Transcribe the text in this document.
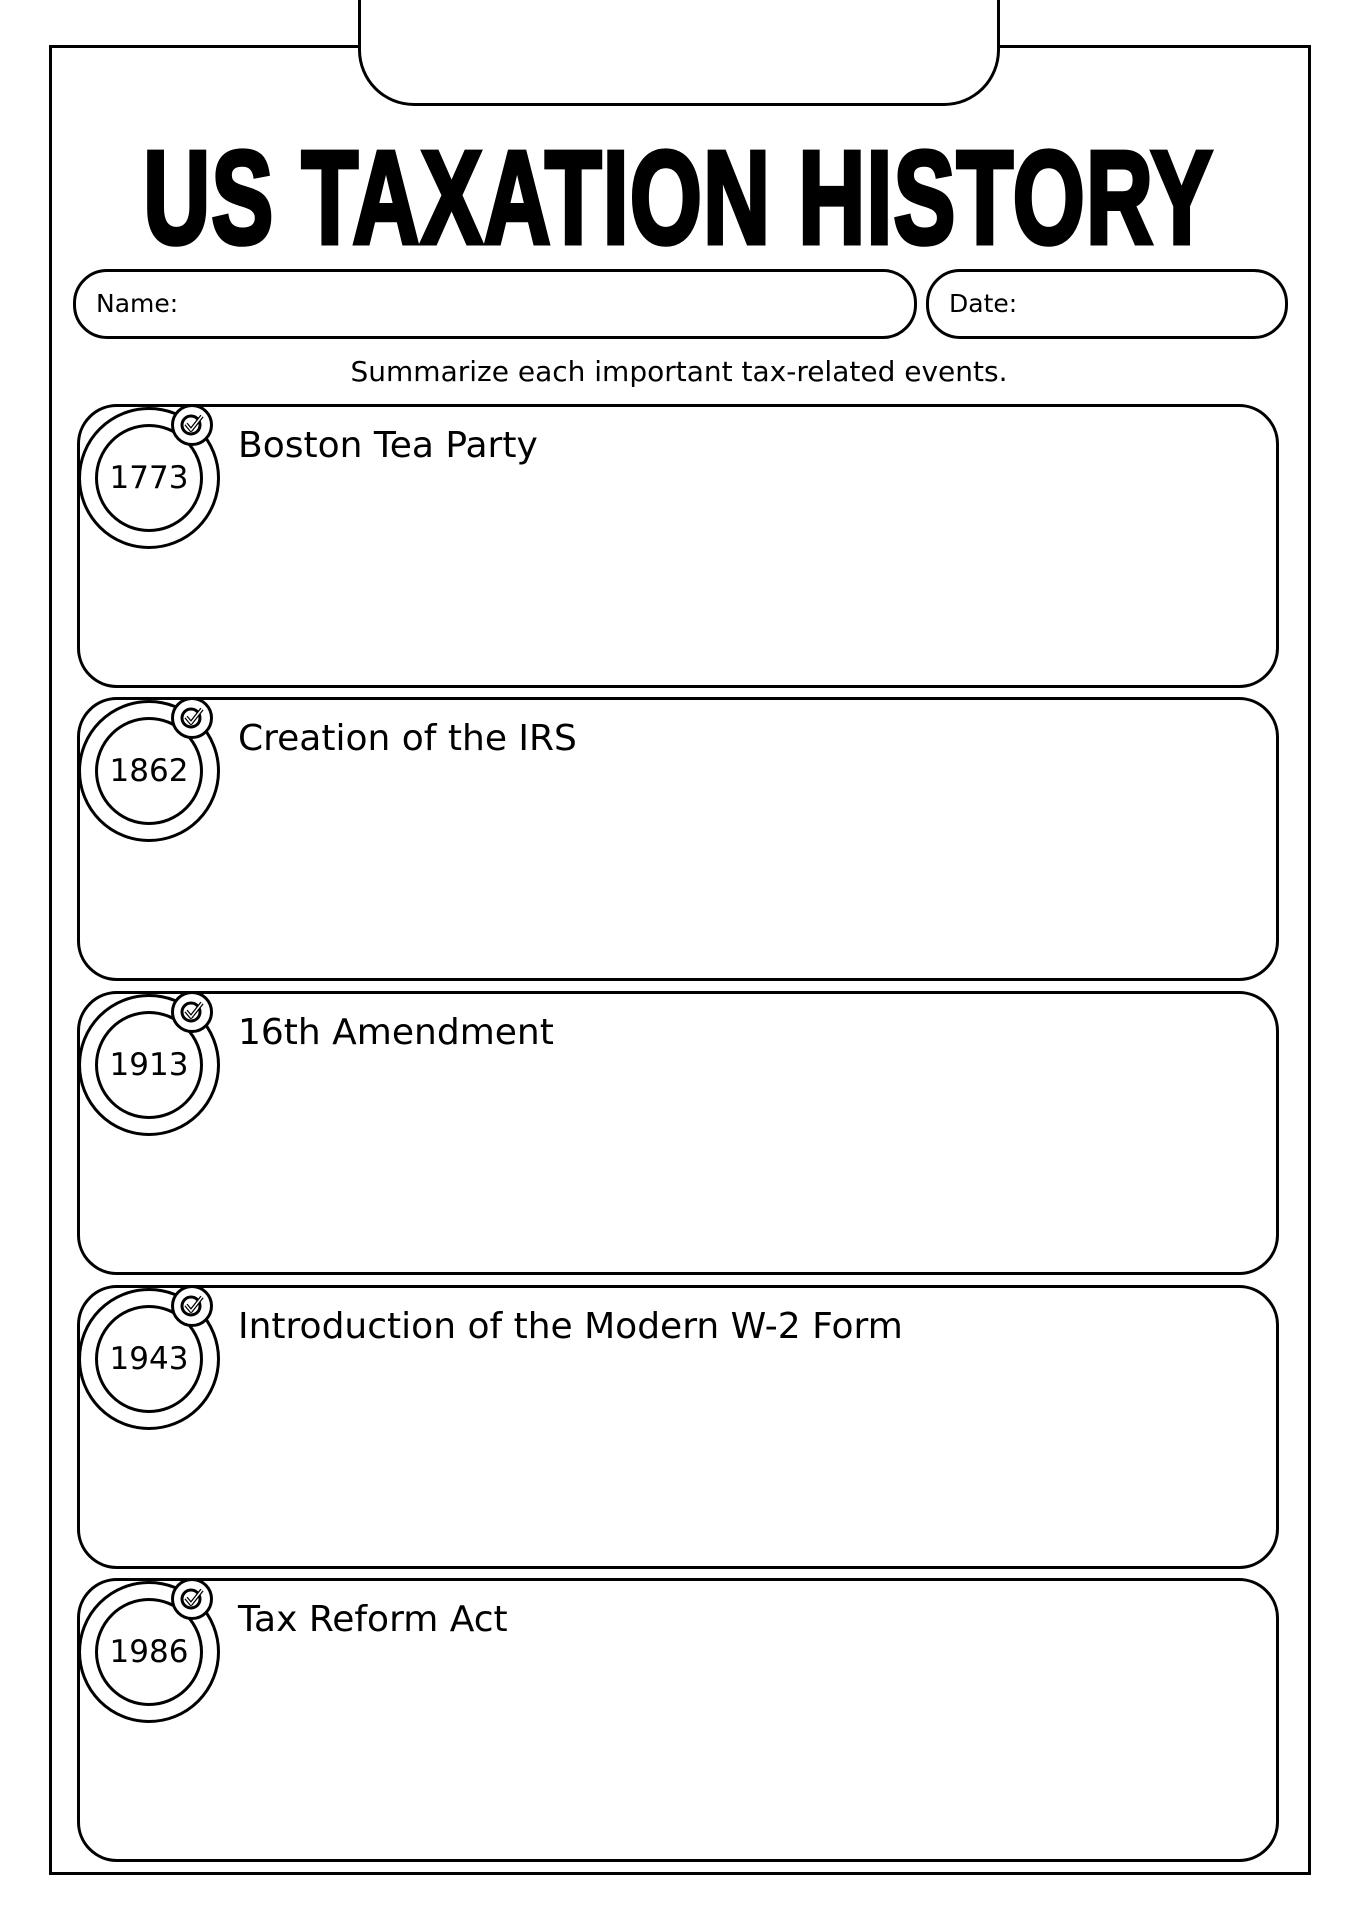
US TAXATION HISTORY
Name:	Date:
Summarize each important tax-related events.
1773
Boston Tea Party
1862
Creation of the IRS
1913
16th Amendment
1943
Introduction of the Modern W-2 Form
1986
Tax Reform Act
